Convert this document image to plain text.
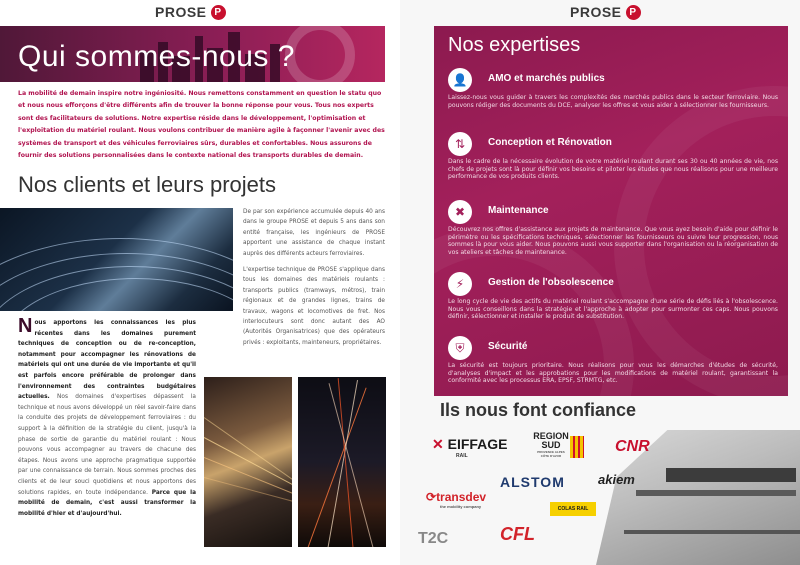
PROSE P
Qui sommes-nous ?
La mobilité de demain inspire notre ingéniosité. Nous remettons constamment en question le statu quo et nous nous efforçons d'être différents afin de trouver la bonne réponse pour vous. Tous nos experts sont des facilitateurs de solutions. Notre expertise réside dans le développement, l'optimisation et l'exploitation du matériel roulant. Nous voulons contribuer de manière agile à façonner l'avenir avec des systèmes de transport et des véhicules ferroviaires sûrs, durables et confortables. Nous assurons de fournir des solutions personnalisées dans le contexte national des transports durables de demain.
Nos clients et leurs projets

De par son expérience accumulée depuis 40 ans dans le groupe PROSE et depuis 5 ans dans son entité française, les ingénieurs de PROSE apportent une assistance de chaque instant auprès des différents acteurs ferroviaires.

L'expertise technique de PROSE s'applique dans tous les domaines des matériels roulants : transports publics (tramways, métros), train régionaux et de grandes lignes, trains de travaux, wagons et locomotives de fret. Nos interlocuteurs sont donc autant des AO (Autorités Organisatrices) que des opérateurs privés : exploitants, mainteneurs, propriétaires.

Nous apportons les connaissances les plus récentes dans les domaines purement techniques de conception ou de re-conception, notamment pour accompagner les rénovations de matériels qui ont une durée de vie importante et qu'il est parfois encore préférable de prolonger dans l'environnement des contraintes budgétaires actuelles. Nos domaines d'expertises dépassent la technique et nous avons développé un réel savoir-faire dans la conduite des projets de développement ferroviaires : du support à la définition de la stratégie du client, jusqu'à la phase de sortie de garantie du matériel roulant : Nous pouvons vous accompagner au travers de chacune des étapes. Nous avons une approche pragmatique supportée par une connaissance de terrain. Nous sommes proches des clients et de leur souci quotidiens et nous apportons des solutions rapides, en toute indépendance. Parce que la mobilité de demain, c'est aussi transformer la mobilité d'hier et d'aujourd'hui.
PROSE P
Nos expertises
👤	AMO et marchés publics
Laissez-nous vous guider à travers les complexités des marchés publics dans le secteur ferroviaire. Nous pouvons rédiger des documents du DCE, analyser les offres et vous aider à sélectionner les fournisseurs.
⇅	Conception et Rénovation
Dans le cadre de la nécessaire évolution de votre matériel roulant durant ses 30 ou 40 années de vie, nos chefs de projets sont là pour définir vos besoins et piloter les études que nous réalisons pour une meilleure performance de vos produits clients.
✖	Maintenance
Découvrez nos offres d'assistance aux projets de maintenance. Que vous ayez besoin d'aide pour définir le périmètre ou les spécifications techniques, sélectionner les fournisseurs ou suivre leur progression, nous sommes là pour vous aider. Nous pouvons aussi vous supporter dans l'organisation ou la réorganisation de vos ateliers et tâches de maintenance.
⚡	Gestion de l'obsolescence
Le long cycle de vie des actifs du matériel roulant s'accompagne d'une série de défis liés à l'obsolescence. Nous vous conseillons dans la stratégie et l'approche à adopter pour surmonter ces caps. Nous pouvons définir, sélectionner et installer le produit de substitution.
⛨	Sécurité
La sécurité est toujours prioritaire. Nous réalisons pour vous les démarches d'études de sécurité, d'analyses d'impact et les approbations pour les modifications de matériel roulant, garantissant la conformité avec les processus ERA, EPSF, STRMTG, etc.
Ils nous font confiance
✕ EIFFAGE
RAIL
REGION
SUD
PROVENCE ALPES CÔTE D'AZUR
CNR
ALSTOM	akiem
⟳transdev
the mobility company	COLAS RAIL
T2C	CFL
